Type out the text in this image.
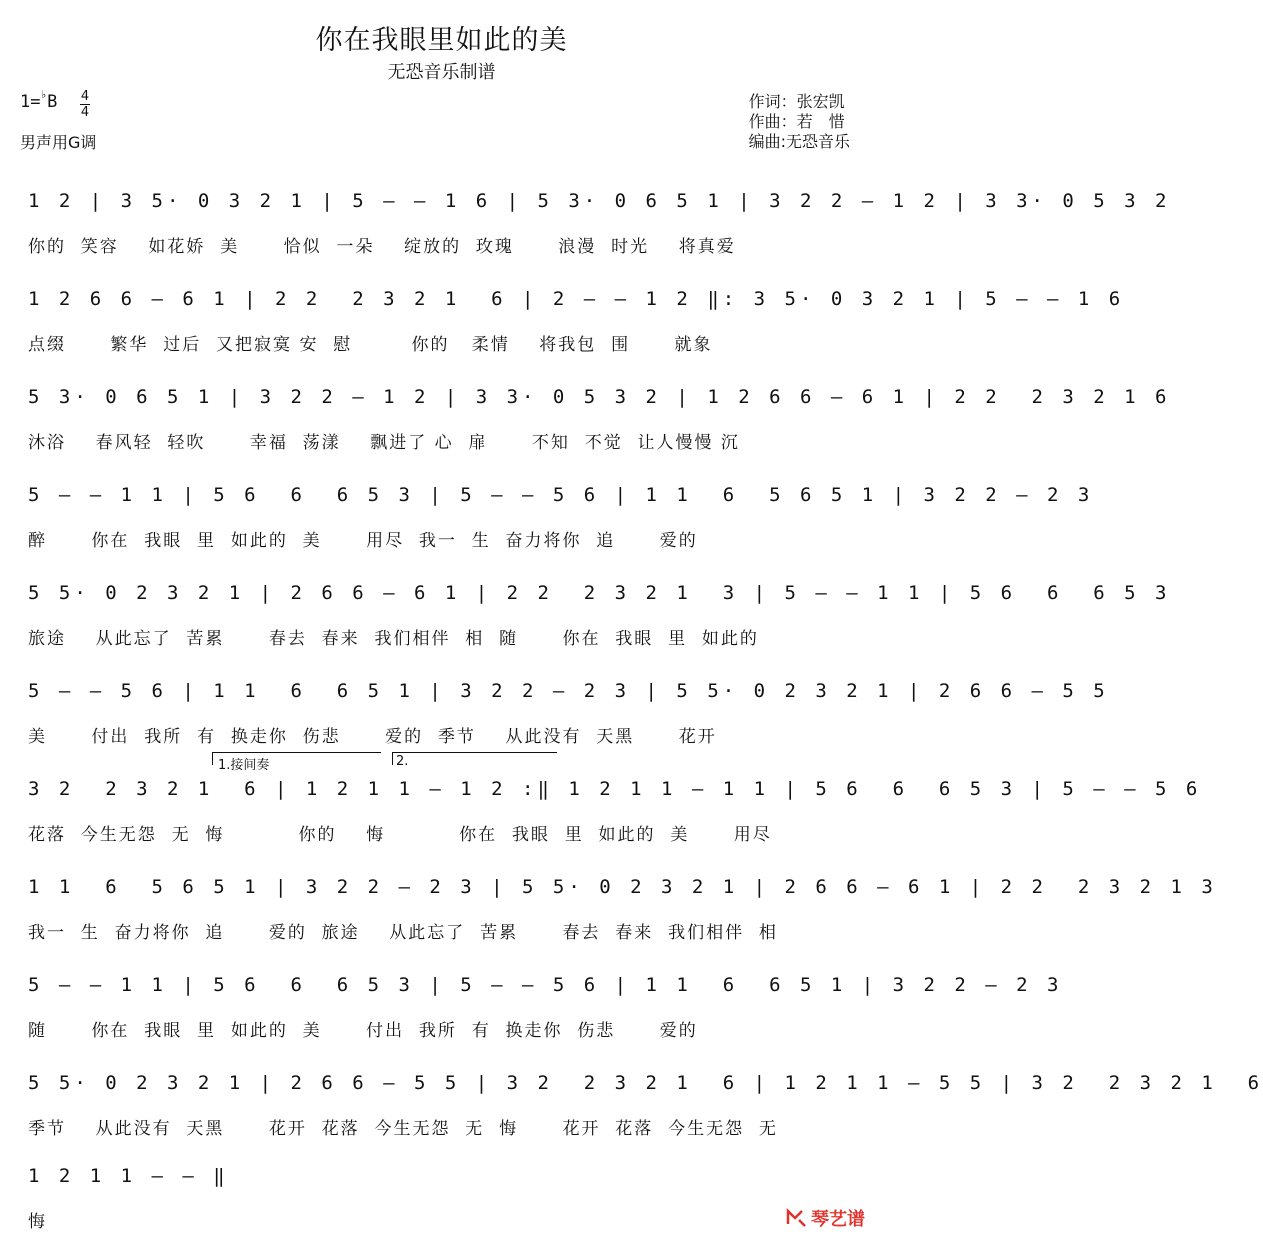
你在我眼里如此的美
无恐音乐制谱
1=♭B 4
4
男声用G调
作词：张宏凯
作曲：若　惜
编曲:无恐音乐
1 2 | 3 5· 0 3 2 1 | 5 — — 1 6 | 5 3· 0 6 5 1 | 3 2 2 — 1 2 | 3 3· 0 5 3 2
你的  笑容    如花娇  美      恰似  一朵    绽放的  玫瑰      浪漫  时光    将真爱
1 2 6 6 — 6 1 | 2 2  2 3 2 1  6 | 2 — — 1 2 ‖: 3 5· 0 3 2 1 | 5 — — 1 6
点缀      繁华  过后  又把寂寞 安  慰        你的   柔情    将我包  围      就象
5 3· 0 6 5 1 | 3 2 2 — 1 2 | 3 3· 0 5 3 2 | 1 2 6 6 — 6 1 | 2 2  2 3 2 1 6
沐浴    春风轻  轻吹      幸福  荡漾    飘进了 心  扉      不知  不觉  让人慢慢 沉
5 — — 1 1 | 5 6  6  6 5 3 | 5 — — 5 6 | 1 1  6  5 6 5 1 | 3 2 2 — 2 3
醉      你在  我眼  里  如此的  美      用尽  我一  生  奋力将你  追      爱的
5 5· 0 2 3 2 1 | 2 6 6 — 6 1 | 2 2  2 3 2 1  3 | 5 — — 1 1 | 5 6  6  6 5 3
旅途    从此忘了  苦累      春去  春来  我们相伴  相  随      你在  我眼  里  如此的
5 — — 5 6 | 1 1  6  6 5 1 | 3 2 2 — 2 3 | 5 5· 0 2 3 2 1 | 2 6 6 — 5 5
美      付出  我所  有  换走你  伤悲      爱的  季节    从此没有  天黑      花开
1.接间奏	2.
3 2  2 3 2 1  6 | 1 2 1 1 — 1 2 :‖ 1 2 1 1 — 1 1 | 5 6  6  6 5 3 | 5 — — 5 6
花落  今生无怨  无  悔          你的    悔          你在  我眼  里  如此的  美      用尽
1 1  6  5 6 5 1 | 3 2 2 — 2 3 | 5 5· 0 2 3 2 1 | 2 6 6 — 6 1 | 2 2  2 3 2 1 3
我一  生  奋力将你  追      爱的  旅途    从此忘了  苦累      春去  春来  我们相伴  相
5 — — 1 1 | 5 6  6  6 5 3 | 5 — — 5 6 | 1 1  6  6 5 1 | 3 2 2 — 2 3
随      你在  我眼  里  如此的  美      付出  我所  有  换走你  伤悲      爱的
5 5· 0 2 3 2 1 | 2 6 6 — 5 5 | 3 2  2 3 2 1  6 | 1 2 1 1 — 5 5 | 3 2  2 3 2 1  6
季节    从此没有  天黑      花开  花落  今生无怨  无  悔      花开  花落  今生无怨  无
1 2 1 1 — — ‖
悔	琴艺谱
